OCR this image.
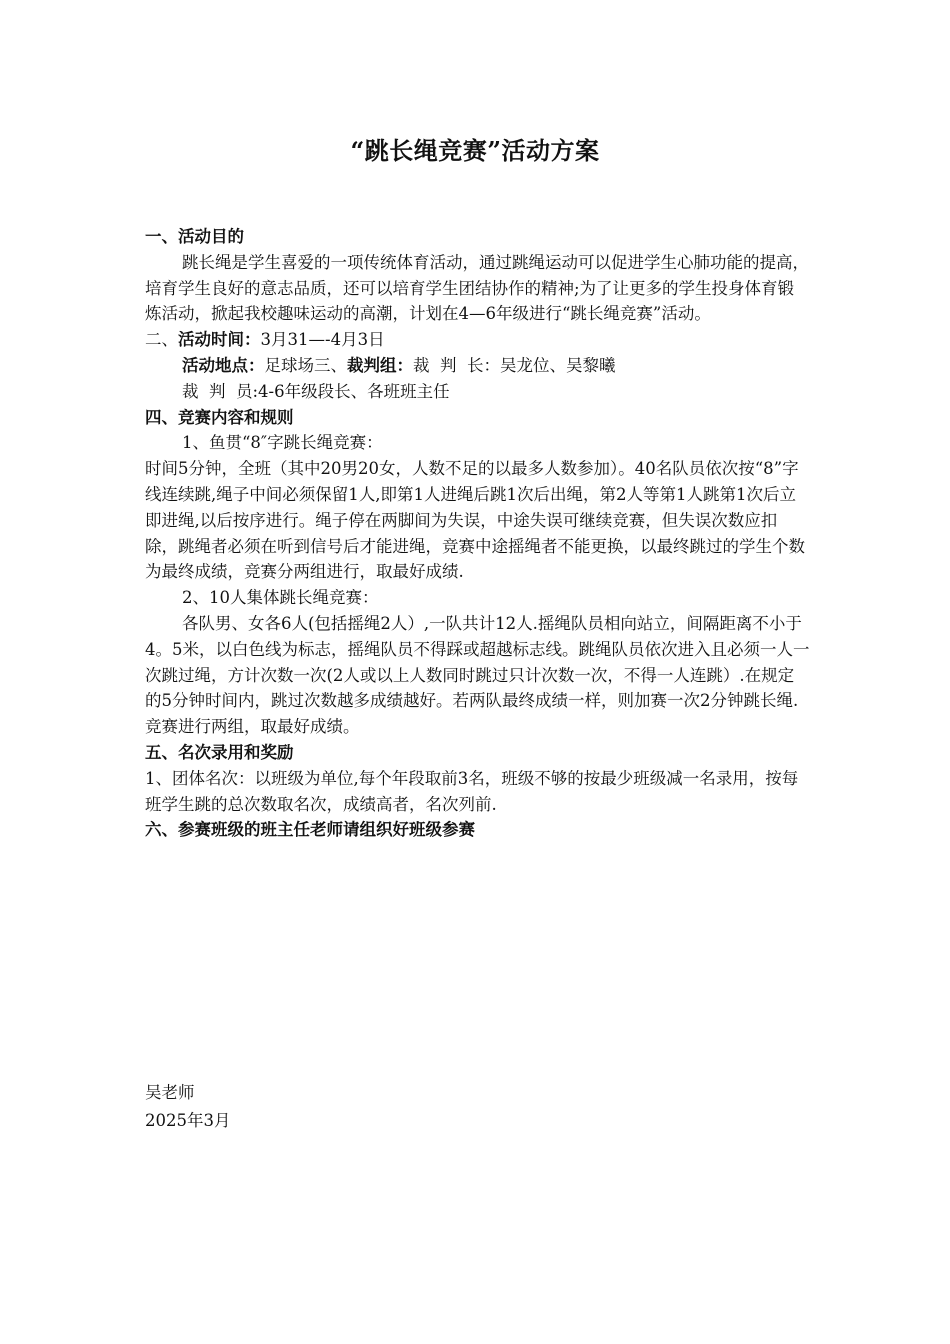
“跳长绳竞赛”活动方案

一、活动目的

跳长绳是学生喜爱的一项传统体育活动，通过跳绳运动可以促进学生心肺功能的提高，培育学生良好的意志品质，还可以培育学生团结协作的精神;为了让更多的学生投身体育锻炼活动，掀起我校趣味运动的高潮，计划在4—6年级进行“跳长绳竞赛”活动。

二、活动时间：3月31—-4月3日

活动地点：足球场三、裁判组：裁  判  长：吴龙位、吴黎曦

裁  判  员:4-6年级段长、各班班主任

四、竞赛内容和规则

1、鱼贯“8″字跳长绳竞赛：

时间5分钟，全班（其中20男20女，人数不足的以最多人数参加）。40名队员依次按“8”字线连续跳,绳子中间必须保留1人,即第1人进绳后跳1次后出绳，第2人等第1人跳第1次后立即进绳,以后按序进行。绳子停在两脚间为失误，中途失误可继续竞赛，但失误次数应扣除，跳绳者必须在听到信号后才能进绳，竞赛中途摇绳者不能更换，以最终跳过的学生个数为最终成绩，竞赛分两组进行，取最好成绩.

2、10人集体跳长绳竞赛：

各队男、女各6人(包括摇绳2人）,一队共计12人.摇绳队员相向站立，间隔距离不小于4。5米，以白色线为标志，摇绳队员不得踩或超越标志线。跳绳队员依次进入且必须一人一次跳过绳，方计次数一次(2人或以上人数同时跳过只计次数一次，不得一人连跳）.在规定的5分钟时间内，跳过次数越多成绩越好。若两队最终成绩一样，则加赛一次2分钟跳长绳.竞赛进行两组，取最好成绩。

五、名次录用和奖励

1、团体名次：以班级为单位,每个年段取前3名，班级不够的按最少班级减一名录用，按每班学生跳的总次数取名次，成绩高者，名次列前.

六、参赛班级的班主任老师请组织好班级参赛

吴老师
2025年3月
